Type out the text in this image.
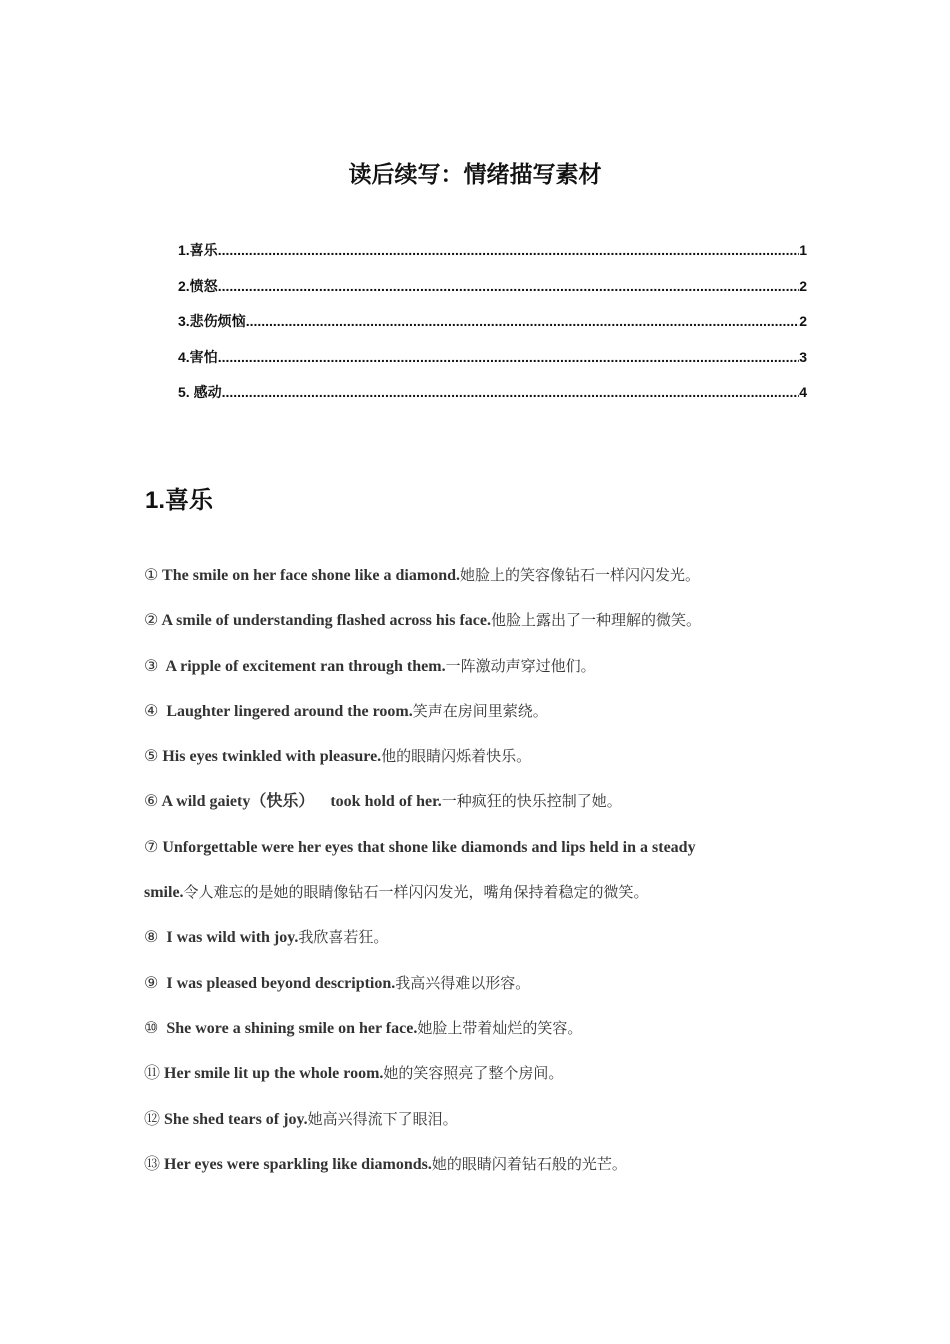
读后续写：情绪描写素材
1.喜乐 .....	1
2.愤怒 .....	2
3.悲伤烦恼 .....	2
4.害怕 .....	3
5. 感动 .....	4
1.喜乐
① The smile on her face shone like a diamond.她脸上的笑容像钻石一样闪闪发光。
② A smile of understanding flashed across his face.他脸上露出了一种理解的微笑。
③  A ripple of excitement ran through them.一阵激动声穿过他们。
④  Laughter lingered around the room.笑声在房间里萦绕。
⑤ His eyes twinkled with pleasure.他的眼睛闪烁着快乐。
⑥ A wild gaiety（快乐）    took hold of her.一种疯狂的快乐控制了她。
⑦ Unforgettable were her eyes that shone like diamonds and lips held in a steady
smile.令人难忘的是她的眼睛像钻石一样闪闪发光，嘴角保持着稳定的微笑。
⑧  I was wild with joy.我欣喜若狂。
⑨  I was pleased beyond description.我高兴得难以形容。
⑩  She wore a shining smile on her face.她脸上带着灿烂的笑容。
⑪ Her smile lit up the whole room.她的笑容照亮了整个房间。
⑫ She shed tears of joy.她高兴得流下了眼泪。
⑬ Her eyes were sparkling like diamonds.她的眼睛闪着钻石般的光芒。
